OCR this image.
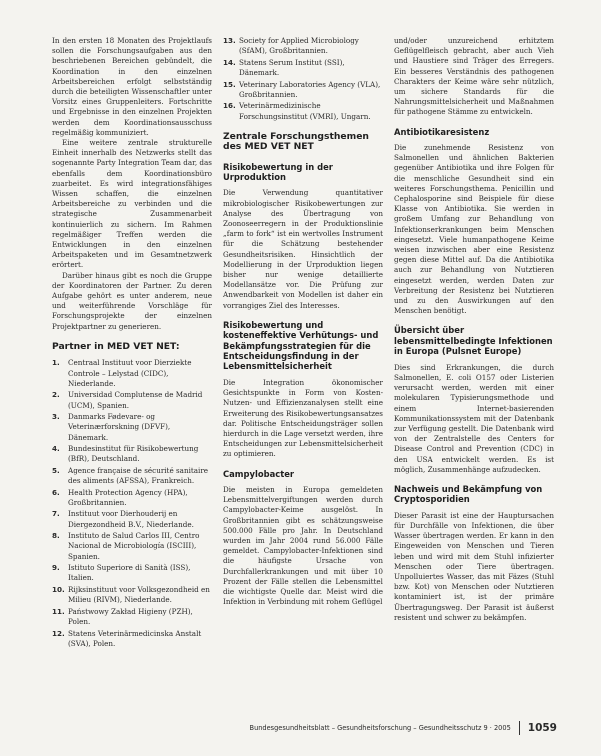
In den ersten 18 Monaten des Projektlaufs sollen die Forschungsaufgaben aus den beschriebenen Bereichen gebündelt, die Koordination in den einzelnen Arbeitsbereichen erfolgt selbstständig durch die beteiligten Wissenschaftler unter Vorsitz eines Gruppenleiters. Fortschritte und Ergebnisse in den einzelnen Projekten werden dem Koordinationsausschuss regelmäßig kommuniziert.

Eine weitere zentrale strukturelle Einheit innerhalb des Netzwerks stellt das sogenannte Party Integration Team dar, das ebenfalls dem Koordinationsbüro zuarbeitet. Es wird integrationsfähiges Wissen schaffen, die einzelnen Arbeitsbereiche zu verbinden und die strategische Zusammenarbeit kontinuierlich zu sichern. Im Rahmen regelmäßiger Treffen werden die Entwicklungen in den einzelnen Arbeitspaketen und im Gesamtnetzwerk erörtert.

Darüber hinaus gibt es noch die Gruppe der Koordinatoren der Partner. Zu deren Aufgabe gehört es unter anderem, neue und weiterführende Vorschläge für Forschungsprojekte der einzelnen Projektpartner zu generieren.

Partner in MED VET NET:
1. Centraal Instituut voor Dierziekte Controle – Lelystad (CIDC), Niederlande.
2. Universidad Complutense de Madrid (UCM), Spanien.
3. Danmarks Fødevare- og Veterinærforskning (DFVF), Dänemark.
4. Bundesinstitut für Risikobewertung (BfR), Deutschland.
5. Agence française de sécurité sanitaire des aliments (AFSSA), Frankreich.
6. Health Protection Agency (HPA), Großbritannien.
7. Instituut voor Dierhouderij en Diergezondheid B.V., Niederlande.
8. Instituto de Salud Carlos III, Centro Nacional de Microbiología (ISCIII), Spanien.
9. Istituto Superiore di Sanità (ISS), Italien.
10. Rijksinstituut voor Volksgezondheid en Milieu (RIVM), Niederlande.
11. Państwowy Zakład Higieny (PZH), Polen.
12. Statens Veterinärmedicinska Anstalt (SVA), Polen.
13. Society for Applied Microbiology (SfAM), Großbritannien.
14. Statens Serum Institut (SSI), Dänemark.
15. Veterinary Laboratories Agency (VLA), Großbritannien.
16. Veterinärmedizinische Forschungsinstitut (VMRI), Ungarn.
Zentrale Forschungsthemen des MED VET NET
Risikobewertung in der Urproduktion

Die Verwendung quantitativer mikrobiologischer Risikobewertungen zur Analyse des Übertragung von Zoonoseerregern in der Produktionslinie „farm to fork“ ist ein wertvolles Instrument für die Schätzung bestehender Gesundheitsrisiken. Hinsichtlich der Modellierung in der Urproduktion liegen bisher nur wenige detaillierte Modellansätze vor. Die Prüfung zur Anwendbarkeit von Modellen ist daher ein vorrangiges Ziel des Interesses.

Risikobewertung und kosteneffektive Verhütungs- und Bekämpfungsstrategien für die Entscheidungsfindung in der Lebensmittelsicherheit

Die Integration ökonomischer Gesichtspunkte in Form von Kosten-Nutzen- und Effizienzanalysen stellt eine Erweiterung des Risikobewertungsansatzes dar. Politische Entscheidungsträger sollen hierdurch in die Lage versetzt werden, ihre Entscheidungen zur Lebensmittelsicherheit zu optimieren.

Campylobacter

Die meisten in Europa gemeldeten Lebensmittelvergiftungen werden durch Campylobacter-Keime ausgelöst. In Großbritannien gibt es schätzungsweise 500.000 Fälle pro Jahr. In Deutschland wurden im Jahr 2004 rund 56.000 Fälle gemeldet. Campylobacter-Infektionen sind die häufigste Ursache von Durchfallerkrankungen und mit über 10 Prozent der Fälle stellen die Lebensmittel die wichtigste Quelle dar. Meist wird die Infektion in Verbindung mit rohem Geflügel

und/oder unzureichend erhitztem Geflügelfleisch gebracht, aber auch Vieh und Haustiere sind Träger des Erregers. Ein besseres Verständnis des pathogenen Charakters der Keime wäre sehr nützlich, um sichere Standards für die Nahrungsmittelsicherheit und Maßnahmen für pathogene Stämme zu entwickeln.

Antibiotikaresistenz

Die zunehmende Resistenz von Salmonellen und ähnlichen Bakterien gegenüber Antibiotika und ihre Folgen für die menschliche Gesundheit sind ein weiteres Forschungsthema. Penicillin und Cephalosporine sind Beispiele für diese Klasse von Antibiotika. Sie werden in großem Umfang zur Behandlung von Infektionserkrankungen beim Menschen eingesetzt. Viele humanpathogene Keime weisen inzwischen aber eine Resistenz gegen diese Mittel auf. Da die Antibiotika auch zur Behandlung von Nutztieren eingesetzt werden, werden Daten zur Verbreitung der Resistenz bei Nutztieren und zu den Auswirkungen auf den Menschen benötigt.

Übersicht über lebensmittelbedingte Infektionen in Europa (Pulsnet Europe)

Dies sind Erkrankungen, die durch Salmonellen, E. coli O157 oder Listerien verursacht werden, werden mit einer molekularen Typisierungsmethode und einem Internet-basierenden Kommunikationssystem mit der Datenbank zur Verfügung gestellt. Die Datenbank wird von der Zentralstelle des Centers for Disease Control and Prevention (CDC) in den USA entwickelt werden. Es ist möglich, Zusammenhänge aufzudecken.

Nachweis und Bekämpfung von Cryptosporidien

Dieser Parasit ist eine der Hauptursachen für Durchfälle von Infektionen, die über Wasser übertragen werden. Er kann in den Eingeweiden von Menschen und Tieren leben und wird mit dem Stuhl infizierter Menschen oder Tiere übertragen. Unpolluiertes Wasser, das mit Fäzes (Stuhl bzw. Kot) von Menschen oder Nutztieren kontaminiert ist, ist der primäre Übertragungsweg. Der Parasit ist äußerst resistent und schwer zu bekämpfen.

Bundesgesundheitsblatt – Gesundheitsforschung – Gesundheitsschutz 9 · 2005 1059
